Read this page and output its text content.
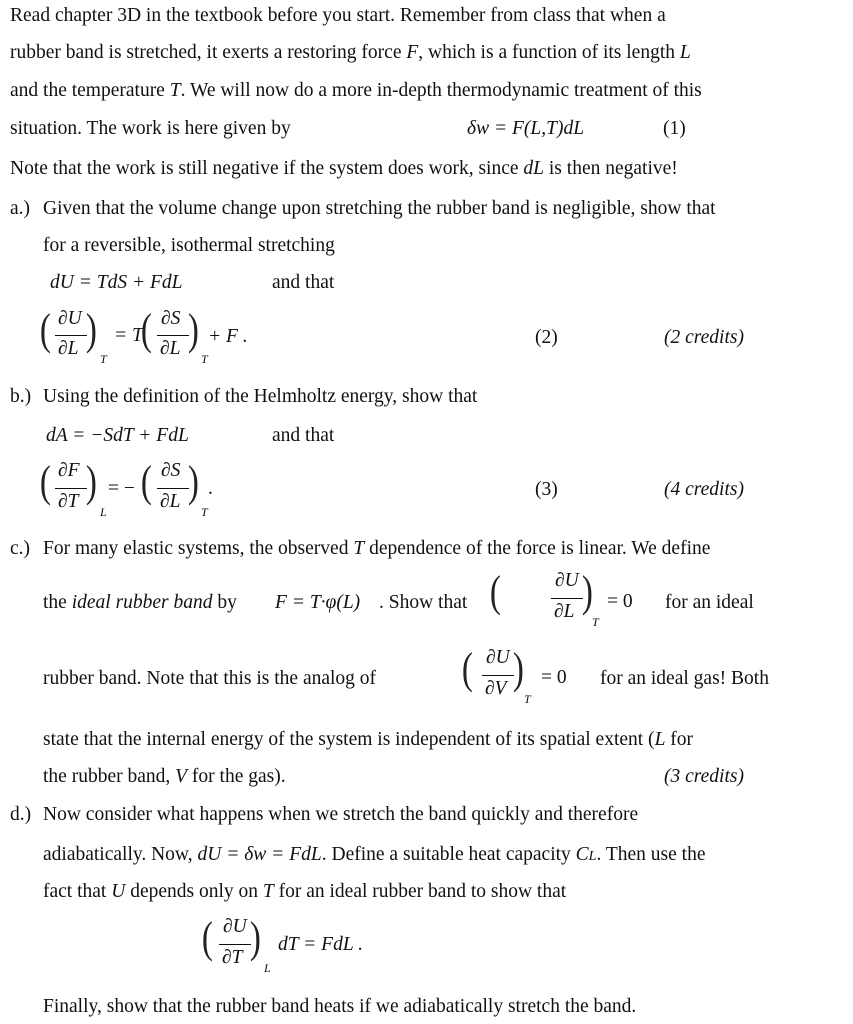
Read chapter 3D in the textbook before you start. Remember from class that when a
rubber band is stretched, it exerts a restoring force F, which is a function of its length L
and the temperature T. We will now do a more in-depth thermodynamic treatment of this
situation. The work is here given by	δw = F(L,T)dL	(1)
Note that the work is still negative if the system does work, since dL is then negative!
a.) Given that the volume change upon stretching the rubber band is negligible, show that
for a reversible, isothermal stretching
dU = TdS + FdL	and that
( ∂U
∂L )
T
= T
( ∂S
∂L )
T
+ F .	(2)	(2 credits)
b.) Using the definition of the Helmholtz energy, show that
dA = −SdT + FdL	and that
( ∂F
∂T )
L
= − ( ∂S
∂L )
T
.	(3)	(4 credits)
c.) For many elastic systems, the observed T dependence of the force is linear. We define
the ideal rubber band by F = T·φ(L) . Show that (	∂U
∂L )
T
= 0 for an ideal
rubber band. Note that this is the analog of ( ∂U
∂V )
T
= 0 for an ideal gas! Both
state that the internal energy of the system is independent of its spatial extent (L for
the rubber band, V for the gas).	(3 credits)
d.) Now consider what happens when we stretch the band quickly and therefore
adiabatically. Now, dU = δw = FdL. Define a suitable heat capacity CL. Then use the
fact that U depends only on T for an ideal rubber band to show that
( ∂U
∂T )
L
dT = FdL .
Finally, show that the rubber band heats if we adiabatically stretch the band.
